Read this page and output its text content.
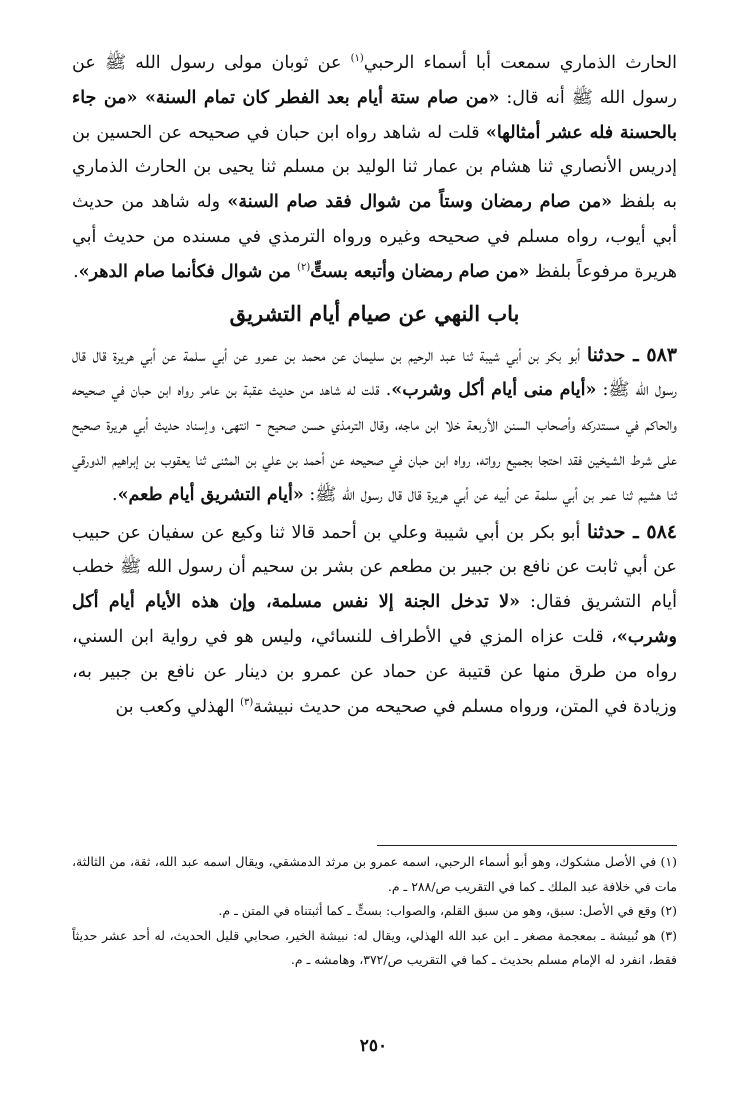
الحارث الذماري سمعت أبا أسماء الرحبي$^{(١)}$ عن ثوبان مولى رسول الله ﷺ عن رسول الله ﷺ أنه قال: «من صام ستة أيام بعد الفطر كان تمام السنة» «من جاء بالحسنة فله عشر أمثالها» قلت له شاهد رواه ابن حبان في صحيحه عن الحسين بن إدريس الأنصاري ثنا هشام بن عمار ثنا الوليد بن مسلم ثنا يحيى بن الحارث الذماري به بلفظ «من صام رمضان وستاً من شوال فقد صام السنة» وله شاهد من حديث أبي أيوب، رواه مسلم في صحيحه وغيره ورواه الترمذي في مسنده من حديث أبي هريرة مرفوعاً بلفظ «من صام رمضان وأتبعه بستٍّ$^{(٢)}$ من شوال فكأنما صام الدهر».

باب النهي عن صيام أيام التشريق

٥٨٣ ـ حدثنا أبو بكر بن أبي شيبة ثنا عبد الرحيم بن سليمان عن محمد بن عمرو عن أبي سلمة عن أبي هريرة قال قال رسول الله ﷺ: «أيام منى أيام أكل وشرب». قلت له شاهد من حديث عقبة بن عامر رواه ابن حبان في صحيحه والحاكم في مستدركه وأصحاب السنن الأربعة خلا ابن ماجه، وقال الترمذي حسن صحيح - انتهى، وإسناد حديث أبي هريرة صحيح على شرط الشيخين فقد احتجا بجميع رواته، رواه ابن حبان في صحيحه عن أحمد بن علي بن المثنى ثنا يعقوب بن إبراهيم الدورقي ثنا هشيم ثنا عمر بن أبي سلمة عن أبيه عن أبي هريرة قال قال رسول الله ﷺ: «أيام التشريق أيام طعم».

٥٨٤ ـ حدثنا أبو بكر بن أبي شيبة وعلي بن أحمد قالا ثنا وكيع عن سفيان عن حبيب عن أبي ثابت عن نافع بن جبير بن مطعم عن بشر بن سحيم أن رسول الله ﷺ خطب أيام التشريق فقال: «لا تدخل الجنة إلا نفس مسلمة، وإن هذه الأيام أيام أكل وشرب»، قلت عزاه المزي في الأطراف للنسائي، وليس هو في رواية ابن السني، رواه من طرق منها عن قتيبة عن حماد عن عمرو بن دينار عن نافع بن جبير به، وزيادة في المتن، ورواه مسلم في صحيحه من حديث نبيشة$^{(٣)}$ الهذلي وكعب بن

(١) في الأصل مشكوك، وهو أبو أسماء الرحبي، اسمه عمرو بن مرثد الدمشقي، ويقال اسمه عبد الله، ثقة، من الثالثة، مات في خلافة عبد الملك ـ كما في التقريب ص/٢٨٨ ـ م.

(٢) وقع في الأصل: سبق، وهو من سبق القلم، والصواب: بستٍّ ـ كما أثبتناه في المتن ـ م.

(٣) هو نُبيشة ـ بمعجمة مصغر ـ ابن عبد الله الهذلي، ويقال له: نبيشة الخير، صحابي قليل الحديث، له أحد عشر حديثاً فقط، انفرد له الإمام مسلم بحديث ـ كما في التقريب ص/٣٧٢، وهامشه ـ م.

٢٥٠
